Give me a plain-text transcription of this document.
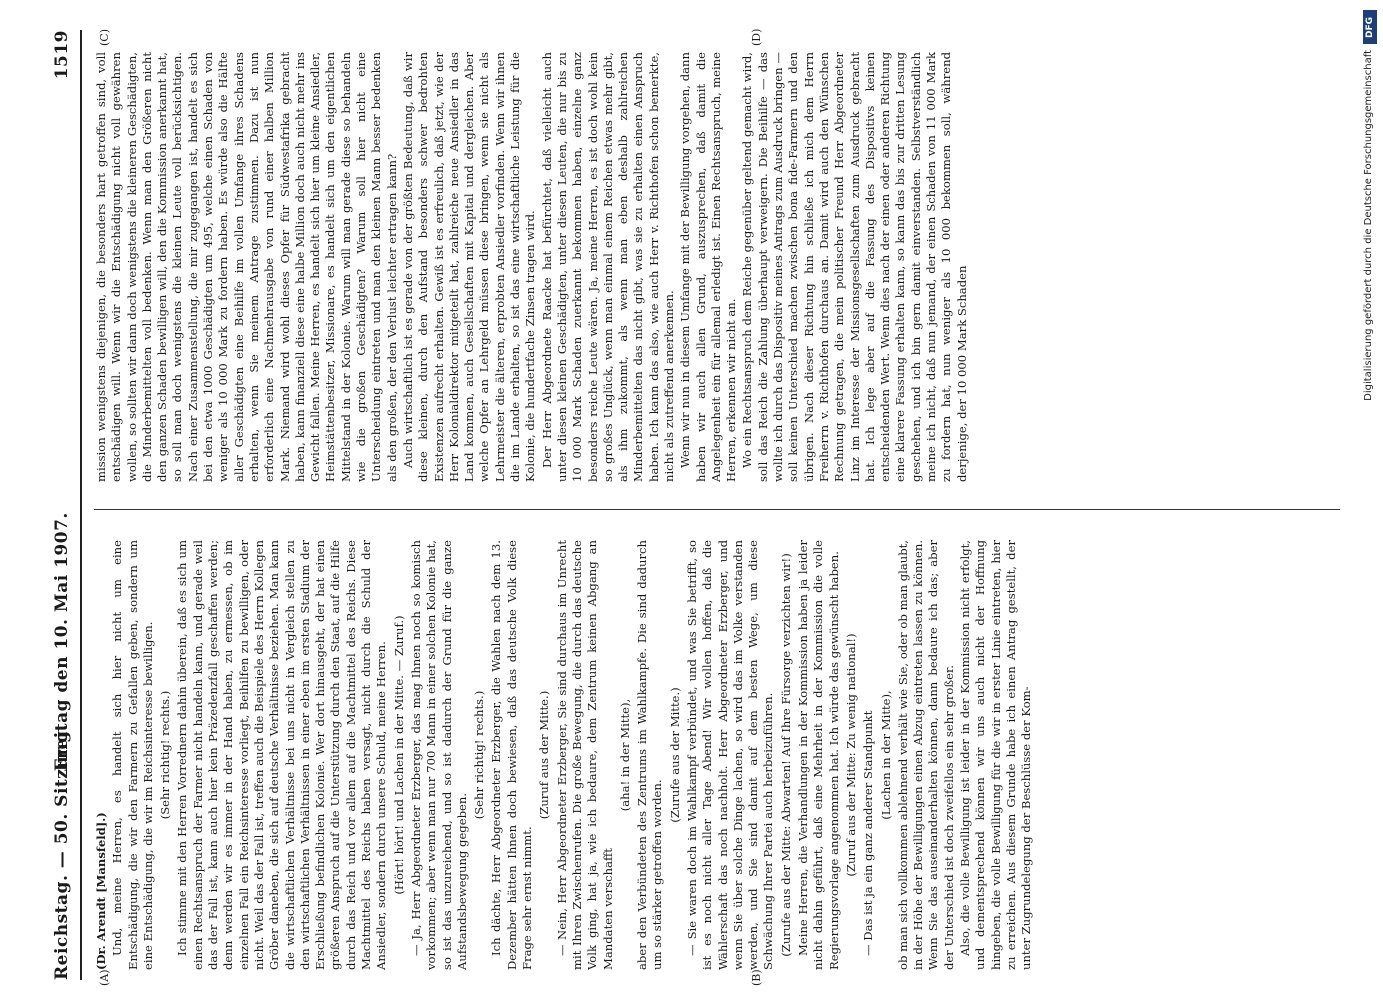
Reichstag. — 50. Sitzung.
Freitag den 10. Mai 1907.  1519
(A)	(B)
(C)	(D)

(Dr. Arendt [Mansfeld].) Und, meine Herren, es handelt sich hier nicht um eine Entschädigung, die wir den Farmern zu Gefallen geben, sondern um eine Entschädigung, die wir im Reichsinteresse bewilligen. (Sehr richtig! rechts.) Ich stimme mit den Herren Vorrednern dahin überein, daß es sich um einen Rechtsanspruch der Farmer nicht handeln kann, und gerade weil das der Fall ist, kann auch hier kein Präzedenzfall geschaffen werden; denn werden wir es immer in der Hand haben, zu ermessen, ob im einzelnen Fall ein Reichsinteresse vorliegt, Beihilfen zu bewilligen, oder nicht. Weil das der Fall ist, treffen auch die Beispiele des Herrn Kollegen Gröber daneben, die sich auf deutsche Verhältnisse beziehen. Man kann die wirtschaftlichen Verhältnisse bei uns nicht in Vergleich stellen zu den wirtschaftlichen Verhältnissen in einer eben im ersten Stadium der Erschließung befindlichen Kolonie. Wer dort hinausgeht, der hat einen größeren Anspruch auf die Unterstützung durch den Staat, auf die Hilfe durch das Reich und vor allem auf die Machtmittel des Reichs. Diese Machtmittel des Reichs haben versagt, nicht durch die Schuld der Ansiedler, sondern durch unsere Schuld, meine Herren. (Hört! hört! und Lachen in der Mitte. — Zuruf.) — Ja, Herr Abgeordneter Erzberger, das mag Ihnen noch so komisch vorkommen; aber wenn man nur 700 Mann in einer solchen Kolonie hat, so ist das unzureichend, und so ist dadurch der Grund für die ganze Aufstandsbewegung gegeben.

(Sehr richtig! rechts.) Ich dächte, Herr Abgeordneter Erzberger, die Wahlen nach dem 13. Dezember hätten Ihnen doch bewiesen, daß das deutsche Volk diese Frage sehr ernst nimmt.

(Zuruf aus der Mitte.) — Nein, Herr Abgeordneter Erzberger, Sie sind durchaus im Unrecht mit Ihren Zwischenrufen. Die große Bewegung, die durch das deutsche Volk ging, hat ja, wie ich bedaure, dem Zentrum keinen Abgang an Mandaten verschafft

(aha! in der Mitte), aber den Verbündeten des Zentrums im Wahlkampfe. Die sind dadurch um so stärker getroffen worden.

(Zurufe aus der Mitte.) — Sie waren doch im Wahlkampf verbündet, und was Sie betrifft, so ist es noch nicht aller Tage Abend! Wir wollen hoffen, daß die Wählerschaft das noch nachholt. Herr Abgeordneter Erzberger, und wenn Sie über solche Dinge lachen, so wird das im Volke verstanden werden, und Sie sind damit auf dem besten Wege, um diese Schwächung Ihrer Partei auch herbeizuführen. (Zurufe aus der Mitte: Abwarten! Auf Ihre Fürsorge verzichten wir!) Meine Herren, die Verhandlungen in der Kommission haben ja leider nicht dahin geführt, daß eine Mehrheit in der Kommission die volle Regierungsvorlage angenommen hat. Ich würde das gewünscht haben. (Zuruf aus der Mitte: Zu wenig national!) — Das ist ja ein ganz anderer Standpunkt (Lachen in der Mitte), ob man sich vollkommen ablehnend verhält wie Sie, oder ob man glaubt, in der Höhe der Bewilligungen einen Abzug eintreten lassen zu können. Wenn Sie das auseinanderhalten können, dann bedaure ich das; aber der Unterschied ist doch zweifellos ein sehr großer. Also, die volle Bewilligung ist leider in der Kommission nicht erfolgt, und dementsprechend können wir uns auch nicht der Hoffnung hingeben, die volle Bewilligung für die wir in erster Linie eintreten, hier zu erreichen. Aus diesem Grunde habe ich einen Antrag gestellt, der unter Zugrundelegung der Beschlüsse der Kom-

mission wenigstens diejenigen, die besonders hart getroffen sind, voll entschädigen will. Wenn wir die Entschädigung nicht voll gewähren wollen, so sollten wir dann doch wenigstens die kleineren Geschädigten, die Minderbemittelten voll bedenken. Wenn man den Größeren nicht den ganzen Schaden bewilligen will, den die Kommission anerkannt hat, so soll man doch wenigstens die kleinen Leute voll berücksichtigen. Nach einer Zusammenstellung, die mir zugegangen ist, handelt es sich bei den etwa 1000 Geschädigten um 495, welche einen Schaden von weniger als 10 000 Mark zu fordern haben. Es würde also die Hälfte aller Geschädigten eine Beihilfe im vollen Umfange ihres Schadens erhalten, wenn Sie meinem Antrage zustimmen. Dazu ist nun erforderlich eine Nachmehrausgabe von rund einer halben Million Mark. Niemand wird wohl dieses Opfer für Südwestafrika gebracht haben, kann finanziell diese eine halbe Million doch auch nicht mehr ins Gewicht fallen. Meine Herren, es handelt sich hier um kleine Ansiedler, Heimstättenbesitzer, Missionare, es handelt sich um den eigentlichen Mittelstand in der Kolonie. Warum will man gerade diese so behandeln wie die großen Geschädigten? Warum soll hier nicht eine Unterscheidung eintreten und man den kleinen Mann besser bedenken als den großen, der den Verlust leichter ertragen kann? Auch wirtschaftlich ist es gerade von der größten Bedeutung, daß wir diese kleinen, durch den Aufstand besonders schwer bedrohten Existenzen aufrecht erhalten. Gewiß ist es erfreulich, daß jetzt, wie der Herr Kolonialdirektor mitgeteilt hat, zahlreiche neue Ansiedler in das Land kommen, auch Gesellschaften mit Kapital und dergleichen. Aber welche Opfer an Lehrgeld müssen diese bringen, wenn sie nicht als Lehrmeister die älteren, erprobten Ansiedler vorfinden. Wenn wir ihnen die im Lande erhalten, so ist das eine wirtschaftliche Leistung für die Kolonie, die hundertfache Zinsen tragen wird. Der Herr Abgeordnete Raacke hat befürchtet, daß vielleicht auch unter diesen kleinen Geschädigten, unter diesen Leuten, die nur bis zu 10 000 Mark Schaden zuerkannt bekommen haben, einzelne ganz besonders reiche Leute wären. Ja, meine Herren, es ist doch wohl kein so großes Unglück, wenn man einmal einem Reichen etwas mehr gibt, als ihm zukommt, als wenn man eben deshalb zahlreichen Minderbemittelten das nicht gibt, was sie zu erhalten einen Anspruch haben. Ich kann das also, wie auch Herr v. Richthofen schon bemerkte, nicht als zutreffend anerkennen. Wenn wir nun in diesem Umfange mit der Bewilligung vorgehen, dann haben wir auch allen Grund, auszusprechen, daß damit die Angelegenheit ein für allemal erledigt ist. Einen Rechtsanspruch, meine Herren, erkennen wir nicht an. Wo ein Rechtsanspruch dem Reiche gegenüber geltend gemacht wird, soll das Reich die Zahlung überhaupt verweigern. Die Beihilfe — das wollte ich durch das Dispositiv meines Antrags zum Ausdruck bringen — soll keinen Unterschied machen zwischen bona fide-Farmern und den übrigen. Nach dieser Richtung hin schließe ich mich dem Herrn Freiherrn v. Richthofen durchaus an. Damit wird auch den Wünschen Rechnung getragen, die mein politischer Freund Herr Abgeordneter Linz im Interesse der Missionsgesellschaften zum Ausdruck gebracht hat. Ich lege aber auf die Fassung des Dispositivs keinen entscheidenden Wert. Wenn dies nach der einen oder anderen Richtung eine klarere Fassung erhalten kann, so kann das bis zur dritten Lesung geschehen, und ich bin gern damit einverstanden. Selbstverständlich meine ich nicht, daß nun jemand, der einen Schaden von 11 000 Mark zu fordern hat, nun weniger als 10 000 bekommen soll, während derjenige, der 10 000 Mark Schaden

DFG
Digitalisierung gefördert durch die Deutsche Forschungsgemeinschaft
